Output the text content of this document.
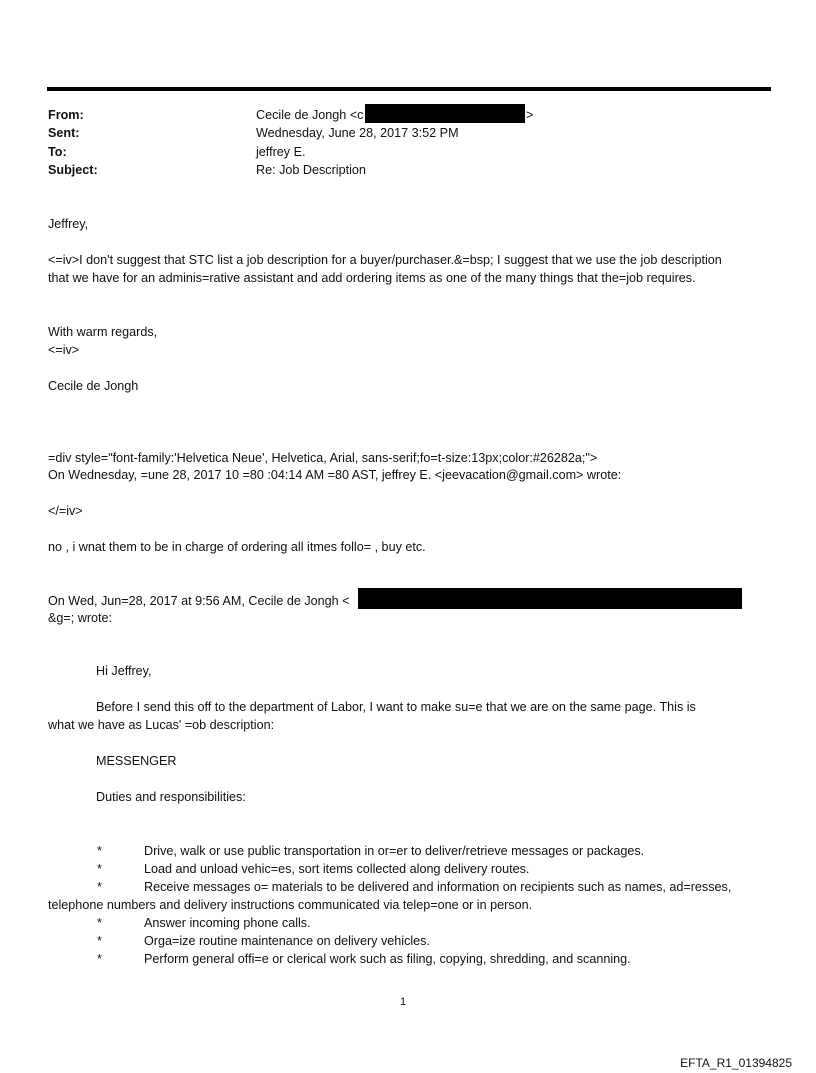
From:	Cecile de Jongh <c	>
Sent:	Wednesday, June 28, 2017 3:52 PM
To:	jeffrey E.
Subject:	Re: Job Description
Jeffrey,
<=iv>I don't suggest that STC list a job description for a buyer/purchaser.&=bsp; I suggest that we use the job description
that we have for an adminis=rative assistant and add ordering items as one of the many things that the=job requires.
With warm regards,
<=iv>
Cecile de Jongh
=div style="font-family:'Helvetica Neue', Helvetica, Arial, sans-serif;fo=t-size:13px;color:#26282a;">
On Wednesday, =une 28, 2017 10 =80 :04:14 AM =80 AST, jeffrey E. <jeevacation@gmail.com> wrote:
</=iv>
no , i wnat them to be in charge of ordering all itmes follo= , buy etc.
On Wed, Jun=28, 2017 at 9:56 AM, Cecile de Jongh <
&g=; wrote:
Hi Jeffrey,
Before I send this off to the department of Labor, I want to make su=e that we are on the same page. This is
what we have as Lucas' =ob description:
MESSENGER
Duties and responsibilities:
*	Drive, walk or use public transportation in or=er to deliver/retrieve messages or packages.
*	Load and unload vehic=es, sort items collected along delivery routes.
*	Receive messages o= materials to be delivered and information on recipients such as names, ad=resses,
telephone numbers and delivery instructions communicated via telep=one or in person.
*	Answer incoming phone calls.
*	Orga=ize routine maintenance on delivery vehicles.
*	Perform general offi=e or clerical work such as filing, copying, shredding, and scanning.
1
EFTA_R1_01394825
